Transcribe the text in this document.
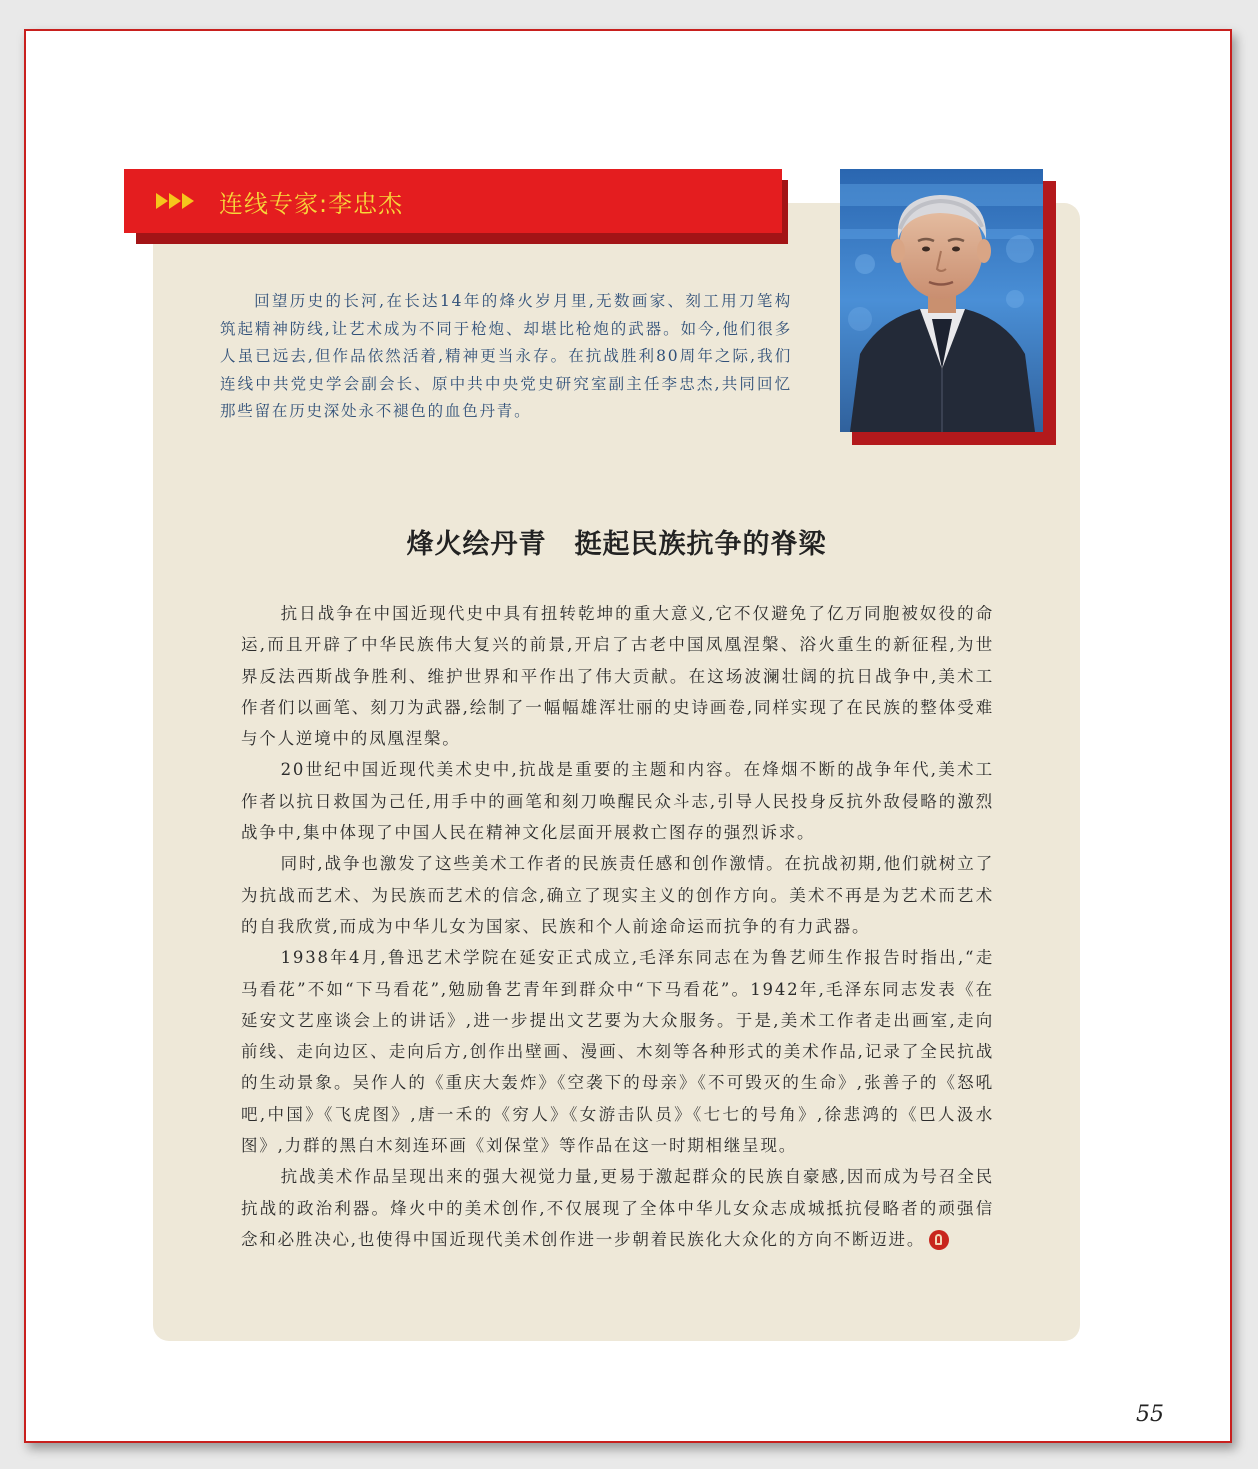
连线专家:李忠杰

回望历史的长河,在长达14年的烽火岁月里,无数画家、刻工用刀笔构筑起精神防线,让艺术成为不同于枪炮、却堪比枪炮的武器。如今,他们很多人虽已远去,但作品依然活着,精神更当永存。在抗战胜利80周年之际,我们连线中共党史学会副会长、原中共中央党史研究室副主任李忠杰,共同回忆那些留在历史深处永不褪色的血色丹青。

烽火绘丹青　挺起民族抗争的脊梁

抗日战争在中国近现代史中具有扭转乾坤的重大意义,它不仅避免了亿万同胞被奴役的命运,而且开辟了中华民族伟大复兴的前景,开启了古老中国凤凰涅槃、浴火重生的新征程,为世界反法西斯战争胜利、维护世界和平作出了伟大贡献。在这场波澜壮阔的抗日战争中,美术工作者们以画笔、刻刀为武器,绘制了一幅幅雄浑壮丽的史诗画卷,同样实现了在民族的整体受难与个人逆境中的凤凰涅槃。

20世纪中国近现代美术史中,抗战是重要的主题和内容。在烽烟不断的战争年代,美术工作者以抗日救国为己任,用手中的画笔和刻刀唤醒民众斗志,引导人民投身反抗外敌侵略的激烈战争中,集中体现了中国人民在精神文化层面开展救亡图存的强烈诉求。

同时,战争也激发了这些美术工作者的民族责任感和创作激情。在抗战初期,他们就树立了为抗战而艺术、为民族而艺术的信念,确立了现实主义的创作方向。美术不再是为艺术而艺术的自我欣赏,而成为中华儿女为国家、民族和个人前途命运而抗争的有力武器。

1938年4月,鲁迅艺术学院在延安正式成立,毛泽东同志在为鲁艺师生作报告时指出,“走马看花”不如“下马看花”,勉励鲁艺青年到群众中“下马看花”。1942年,毛泽东同志发表《在延安文艺座谈会上的讲话》,进一步提出文艺要为大众服务。于是,美术工作者走出画室,走向前线、走向边区、走向后方,创作出壁画、漫画、木刻等各种形式的美术作品,记录了全民抗战的生动景象。吴作人的《重庆大轰炸》《空袭下的母亲》《不可毁灭的生命》,张善子的《怒吼吧,中国》《飞虎图》,唐一禾的《穷人》《女游击队员》《七七的号角》,徐悲鸿的《巴人汲水图》,力群的黑白木刻连环画《刘保堂》等作品在这一时期相继呈现。

抗战美术作品呈现出来的强大视觉力量,更易于激起群众的民族自豪感,因而成为号召全民抗战的政治利器。烽火中的美术创作,不仅展现了全体中华儿女众志成城抵抗侵略者的顽强信念和必胜决心,也使得中国近现代美术创作进一步朝着民族化大众化的方向不断迈进。

55
